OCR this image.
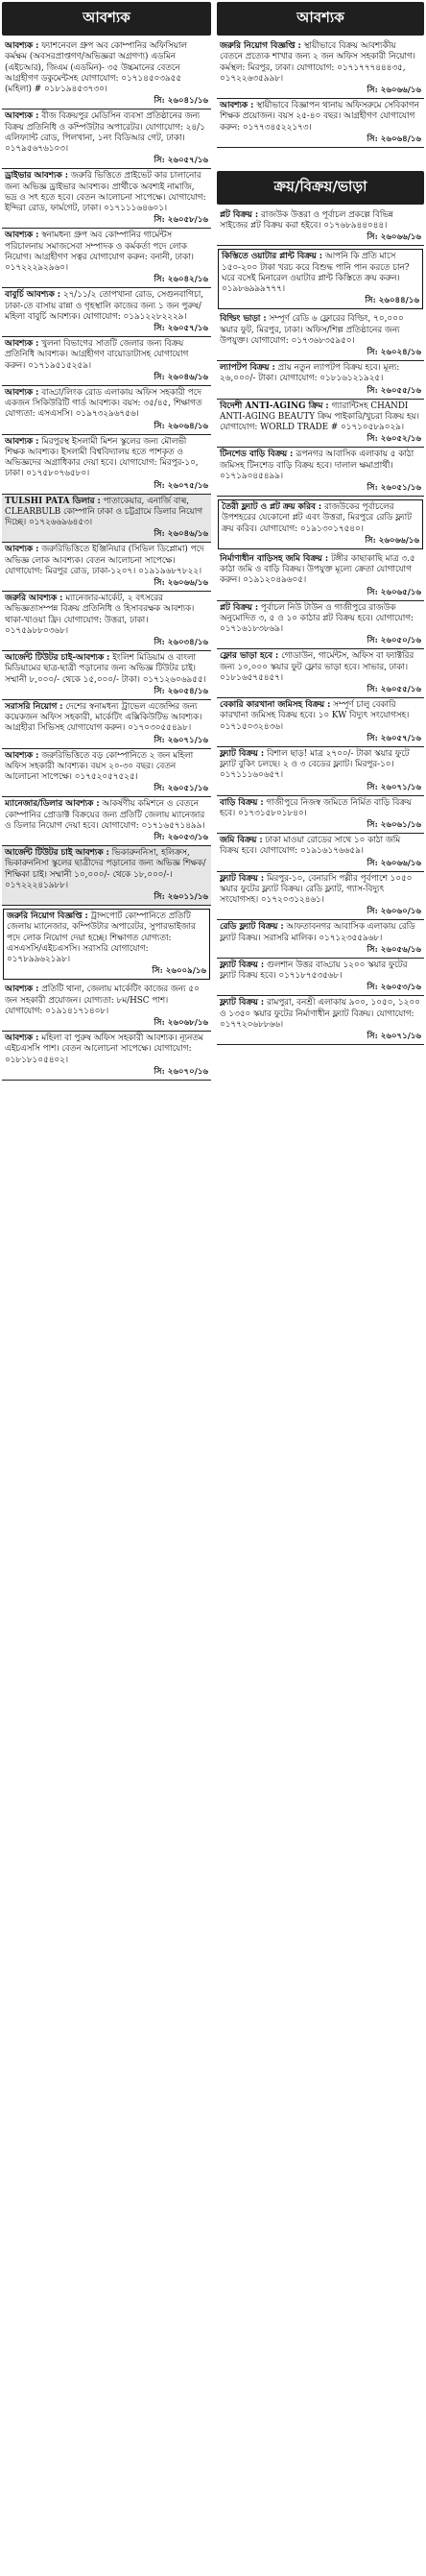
আবশ্যক
আবশ্যক : ফ্যাশনেবল গ্রুপ অব কোম্পানির অফিসিয়াল কর্মক্ষম (অবসরপ্রাপ্তগণ/অভিজ্ঞরা অগ্রগণ্য) এডমিন (এইচআর), জিএম (এডমিন)- ৩৫ উচ্চমানের বেতনে আগ্রহীগণ ডকুমেন্টসহ যোগাযোগ: ০১৭১৪৫০৩৯৫৫ (মহিলা) # ০১৮১৯৪৫৩৭৩০।
সি: ২৬০৪১/১৬
আবশ্যক : বীজ বিক্রয়পুর মেডিসিন ব্যবসা প্রতিষ্ঠানের জন্য বিক্রয় প্রতিনিধি ও কম্পিউটার অপারেটর। যোগাযোগ: ২৪/১ এলিফ্যান্ট রোড, পিলখানা, ১নং বিডিআর গেট, ঢাকা। ০১৭৯৫৬৭৬১০৩।
সি: ২৬০৫৭/১৬
ড্রাইভার আবশ্যক : জরুরি ভিত্তিতে প্রাইভেট কার চালানোর জন্য অভিজ্ঞ ড্রাইভার আবশ্যক। প্রার্থীকে অবশ্যই নামাজি, ভদ্র ও সৎ হতে হবে। বেতন আলোচনা সাপেক্ষে। যোগাযোগ: ইন্দিরা রোড, ফার্মগেট, ঢাকা। ০১৭১১১৬৪৬০১।
সি: ২৬০৫৮/১৬
আবশ্যক : স্বনামধন্য গ্রুপ অব কোম্পানির গার্মেন্টস পরিচালনায় সমাজসেবা সম্পাদক ও কর্মকর্তা পদে লোক নিয়োগ। আগ্রহীগণ সত্বর যোগাযোগ করুন: বনানী, ঢাকা। ০১৭২২২৯২৯৬০।
সি: ২৬০৪২/১৬
বাবুর্চি আবশ্যক : ২৭/১১/২ তোপখানা রোড, সেগুনবাগিচা, ঢাকা-তে বাসায় রান্না ও গৃহস্থালি কাজের জন্য ১ জন পুরুষ/মহিলা বাবুর্চি আবশ্যক। যোগাযোগ: ০১৯১২২৮২২২৯।
সি: ২৬০৫৭/১৬
আবশ্যক : খুলনা বিভাগের সাতটি জেলার জন্য বিক্রয় প্রতিনিধি আবশ্যক। আগ্রহীগণ বায়োডাটাসহ যোগাযোগ করুন। ০১৭১৯৫১৫২৫৯।
সি: ২৬০৪৬/১৬
আবশ্যক : বাড্ডা/লিংক রোড এলাকায় অফিস সহকারী পদে একজন সিকিউরিটি গার্ড আবশ্যক। বয়স: ৩৫/৪৫, শিক্ষাগত যোগ্যতা: এসএসসি। ০১৯৭৩২৯৬৭৫৬।
সি: ২৬০৬৪/১৬
আবশ্যক : মিরপুরস্থ ইসলামী মিশন স্কুলের জন্য মৌলভী শিক্ষক আবশ্যক। ইসলামী বিশ্ববিদ্যালয় হতে পাশকৃত ও অভিজ্ঞদের অগ্রাধিকার দেয়া হবে। যোগাযোগ: মিরপুর-১০, ঢাকা। ০১৭৫৮০৭৬৫৮০।
সি: ২৬০৭৫/১৬
TULSHI PATA ডিলার : পাতাকেয়ার, এনার্জি বাল্ব, CLEARBULB কোম্পানি ঢাকা ও চট্টগ্রামে ডিলার নিয়োগ দিচ্ছে। ০১৭২৬৬৯৬৪৫৩।
সি: ২৬০৪৬/১৬
আবশ্যক : জরুরিভিত্তিতে ইঞ্জিনিয়ার (সিভিল ডিপ্লোমা) পদে অভিজ্ঞ লোক আবশ্যক। বেতন আলোচনা সাপেক্ষে। যোগাযোগ: মিরপুর রোড, ঢাকা-১২০৭। ০১৯১৯৬৮৭৮২২।
সি: ২৬০৬৬/১৬
জরুরি আবশ্যক : ম্যানেজার-মার্কেট, ২ বৎসরের অভিজ্ঞতাসম্পন্ন বিক্রয় প্রতিনিধি ও হিসাবরক্ষক আবশ্যক। থাকা-খাওয়া ফ্রি। যোগাযোগ: উত্তরা, ঢাকা। ০১৭৫৯৮৮০৩৬৮।
সি: ২৬০৩৪/১৬
আর্জেন্ট টিউটর চাই-আবশ্যক : ইংলিশ মিডিয়াম ও বাংলা মিডিয়ামের ছাত্র-ছাত্রী পড়ানোর জন্য অভিজ্ঞ টিউটর চাই। সম্মানী ৮,০০০/- থেকে ১৫,০০০/- টাকা। ০১৭১২৬০৬৯৫৫।
সি: ২৬০৫৪/১৬
সরাসরি নিয়োগ : দেশের স্বনামধন্য ট্রাভেল এজেন্সির জন্য কয়েকজন অফিস সহকারী, মার্কেটিং এক্সিকিউটিভ আবশ্যক। আগ্রহীরা সিভিসহ যোগাযোগ করুন। ০১৭০৩০৫৫৪৯৮।
সি: ২৬০৭১/১৬
আবশ্যক : জরুরিভিত্তিতে বড় কোম্পানিতে ২ জন মহিলা অফিস সহকারী আবশ্যক। বয়স ২০-৩০ বছর। বেতন আলোচনা সাপেক্ষে। ০১৭৫২০৫৭৫২৫।
সি: ২৬০৫১/১৬
ম্যানেজার/ডিলার আবশ্যক : আকর্ষণীয় কমিশনে ও বেতনে কোম্পানির প্রোডাক্ট বিক্রয়ের জন্য প্রতিটি জেলায় ম্যানেজার ও ডিলার নিয়োগ দেয়া হবে। যোগাযোগ: ০১৭১৬৫৭১৪৯৯।
সি: ২৬০৫৩/১৬
আর্জেন্ট টিউটর চাই আবশ্যক : ভিকারুননিসা, হলিক্রস, ভিকারুননিসা স্কুলের ছাত্রীদের পড়ানোর জন্য অভিজ্ঞ শিক্ষক/শিক্ষিকা চাই। সম্মানী ১০,০০০/- থেকে ১৮,০০০/-। ০১৭২২২৪১৯৮৮।
সি: ২৬০১১/১৬
জরুরি নিয়োগ বিজ্ঞপ্তি : ট্রান্সপোর্ট কোম্পানিতে প্রতিটি জেলায় ম্যানেজার, কম্পিউটার অপারেটর, সুপারভাইজার পদে লোক নিয়োগ দেয়া হচ্ছে। শিক্ষাগত যোগ্যতা: এসএসসি/এইচএসসি। সরাসরি যোগাযোগ: ০১৭৮৯৯৬২১৯৮।
সি: ২৬০০৯/১৬
আবশ্যক : প্রতিটি থানা, জেলায় মার্কেটিং কাজের জন্য ৫০ জন সহকারী প্রয়োজন। যোগ্যতা: ৮ম/HSC পাশ। যোগাযোগ: ০১৯১৪১৭১৪০৮।
সি: ২৬০৬৮/১৬
আবশ্যক : মহিলা বা পুরুষ অফিস সহকারী আবশ্যক। ন্যূনতম এইচএসসি পাশ। বেতন আলোচনা সাপেক্ষে। যোগাযোগ: ০১৮১৮১০৫৪০২।
সি: ২৬০৭০/১৬
আবশ্যক
জরুরি নিয়োগ বিজ্ঞপ্তি : স্থায়ীভাবে বিক্রয় আবশ্যকীয় বেতনে প্রত্যেক শাখার জন্য ২ জন অফিস সহকারী নিয়োগ। কর্মস্থল: মিরপুর, ঢাকা। যোগাযোগ: ০১৭১৭৭৭৪৪৪৩৫, ০১৭২২৬৩৫৯৯৮।
সি: ২৬০৬৬/১৬
আবশ্যক : স্থায়ীভাবে বিজ্ঞাপন থানায় অফিসরুমে সেবিকাগন শিক্ষক প্রয়োজন। বয়স ২৫-৪০ বছর। আগ্রহীগণ যোগাযোগ করুন: ০১৭৭৩৪৫২২১৭৩।
সি: ২৬০৬৪/১৬
ক্রয়/বিক্রয়/ভাড়া
প্লট বিক্রয় : রাজউক উত্তরা ও পূর্বাচল প্রকল্পে বিভিন্ন সাইজের প্লট বিক্রয় করা হইবে। ০১৭৬৮৯৪৪০৪৪।
সি: ২৬০৬৬/১৬
কিস্তিতে ওয়াটার প্লান্ট বিক্রয় : আপনি কি প্রতি মাসে ১৫০-২০০ টাকা খরচ করে বিশুদ্ধ পানি পান করতে চান? ঘরে বসেই মিনারেল ওয়াটার প্লান্ট কিস্তিতে ক্রয় করুন। ০১৯৮৬৯৯৯৭৭৭।
সি: ২৬০৪৪/১৬
বিল্ডিং ভাড়া : সম্পূর্ণ রেডি ৬ ফ্লোরের বিল্ডিং, ৭০,০০০ স্কয়ার ফুট, মিরপুর, ঢাকা। অফিস/শিল্প প্রতিষ্ঠানের জন্য উপযুক্ত। যোগাযোগ: ০১৭৩৬৮৩৫৯৫০।
সি: ২৬০২৪/১৬
ল্যাপটপ বিক্রয় : প্রায় নতুন ল্যাপটপ বিক্রয় হবে। মূল্য: ২৬,০০০/- টাকা। যোগাযোগ: ০১৮১৬১২১৯২৫।
সি: ২৬০৫৫/১৬
বিদেশী ANTI-AGING ক্রিম : গ্যারান্টিসহ CHANDI ANTI-AGING BEAUTY ক্রিম পাইকারি/খুচরা বিক্রয় হয়। যোগাযোগ: WORLD TRADE # ০১৭১০৫৮৯০২৯।
সি: ২৬০৫২/১৬
টিনশেড বাড়ি বিক্রয় : রূপনগর আবাসিক এলাকায় ৫ কাঠা জমিসহ টিনশেড বাড়ি বিক্রয় হবে। দালাল ক্ষমাপ্রার্থী। ০১৭১৯০৪৫৪৯৯।
সি: ২৬০৫১/১৬
তৈরী ফ্ল্যাট ও প্লট ক্রয় করিব : রাজউকের পূর্বাচলের উপশহরের যেকোনো প্লট এবং উত্তরা, মিরপুরে রেডি ফ্ল্যাট ক্রয় করিব। যোগাযোগ: ০১৯১৩০১৭৫৪০।
সি: ২৬০৬৬/১৬
নির্মাণাধীন বাড়িসহ জমি বিক্রয় : টঙ্গীর কাছাকাছি মাত্র ৩.৫ কাঠা জমি ও বাড়ি বিক্রয়। উপযুক্ত মূল্যে ক্রেতা যোগাযোগ করুন। ০১৯১২০৪৯৬০৫।
সি: ২৬০৬৫/১৬
প্লট বিক্রয় : পূর্বাচল নিউ টাউন ও গাজীপুরে রাজউক অনুমোদিত ৩, ৫ ও ১০ কাঠার প্লট বিক্রয় হবে। যোগাযোগ: ০১৭১৬১৮৩৮৬৯।
সি: ২৬০৫০/১৬
ফ্লোর ভাড়া হবে : গোডাউন, গার্মেন্টস, অফিস বা ফ্যাক্টরির জন্য ১০,০০০ স্কয়ার ফুট ফ্লোর ভাড়া হবে। সাভার, ঢাকা। ০১৮১৬৫৭৫৪৫৭।
সি: ২৬০৫৫/১৬
বেকারি কারখানা জমিসহ বিক্রয় : সম্পূর্ণ চালু বেকারি কারখানা জমিসহ বিক্রয় হবে। ১০ KW বিদ্যুৎ সংযোগসহ। ০১৭১৫০৩২৪৩৬।
সি: ২৬০৫৭/১৬
ফ্ল্যাট বিক্রয় : বিশাল ছাড়! মাত্র ২৭০০/- টাকা স্কয়ার ফুটে ফ্ল্যাট বুকিং চলছে। ২ ও ৩ বেডের ফ্ল্যাট। মিরপুর-১০। ০১৭১১১৬০৬৫৭।
সি: ২৬০৭১/১৬
বাড়ি বিক্রয় : গাজীপুরে নিজস্ব জমিতে নির্মিত বাড়ি বিক্রয় হবে। ০১৭৩১৫৮০১৮৪০।
সি: ২৬০৬১/১৬
জমি বিক্রয় : ঢাকা মাওয়া রোডের সাথে ১০ কাঠা জমি বিক্রয় হবে। যোগাযোগ: ০১৯১৬১৭৬৬৫৯।
সি: ২৬০৬৬/১৬
ফ্ল্যাট বিক্রয় : মিরপুর-১০, বেনারসি পল্লীর পূর্বপাশে ১০৫০ স্কয়ার ফুটের ফ্ল্যাট বিক্রয়। রেডি ফ্ল্যাট, গ্যাস-বিদ্যুৎ সংযোগসহ। ০১৭২০৩১২৪৬১।
সি: ২৬০৬০/১৬
রেডি ফ্ল্যাট বিক্রয় : আফতাবনগর আবাসিক এলাকায় রেডি ফ্ল্যাট বিক্রয়। সরাসরি মালিক। ০১৭১২৩৫৫৯৬৮।
সি: ২৬০৫৬/১৬
ফ্ল্যাট বিক্রয় : গুলশান উত্তর বাড্ডায় ১২০০ স্কয়ার ফুটের ফ্ল্যাট বিক্রয় হবে। ০১৭১৮৭৫৩৫৬৮।
সি: ২৬০৫৩/১৬
ফ্ল্যাট বিক্রয় : রামপুরা, বনশ্রী এলাকায় ৯০০, ১০৫০, ১২০০ ও ১৩৫০ স্কয়ার ফুটের নির্মাণাধীন ফ্ল্যাট বিক্রয়। যোগাযোগ: ০১৭৭২০৬৮৮৬৬।
সি: ২৬০৭১/১৬
